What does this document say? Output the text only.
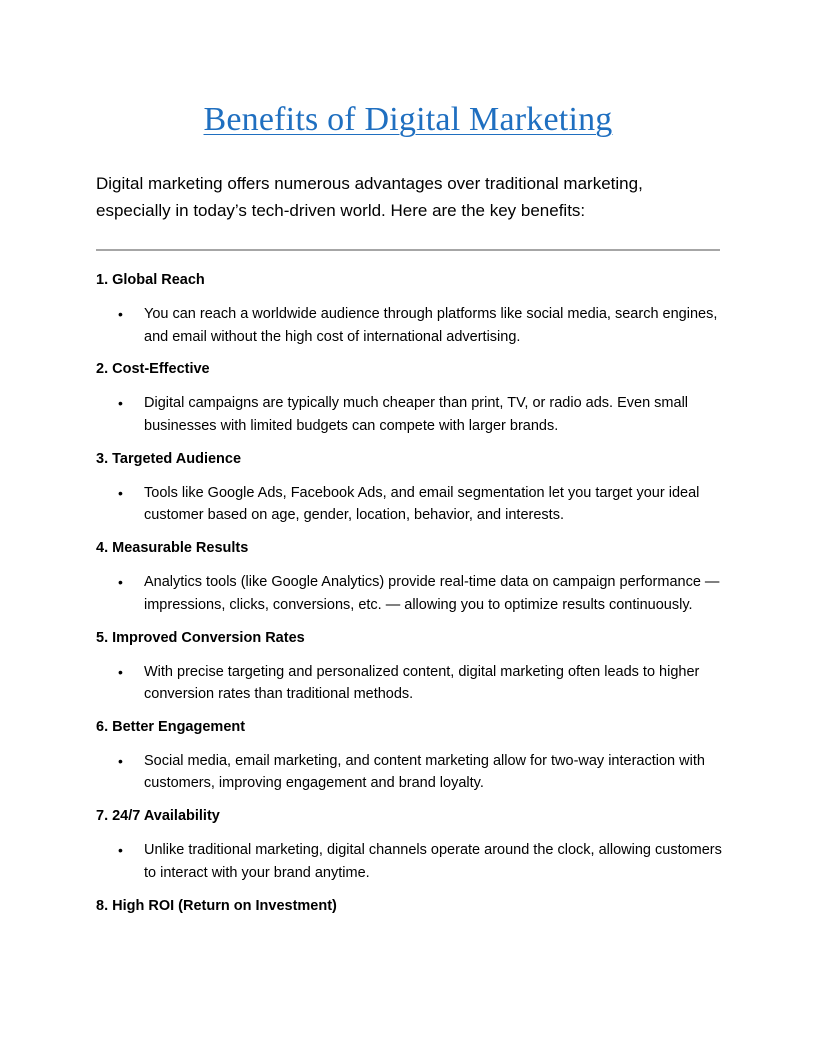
Benefits of Digital Marketing

Digital marketing offers numerous advantages over traditional marketing, especially in today’s tech-driven world. Here are the key benefits:

1. Global Reach
•	You can reach a worldwide audience through platforms like social media, search engines, and email without the high cost of international advertising.
2. Cost-Effective
•	Digital campaigns are typically much cheaper than print, TV, or radio ads. Even small businesses with limited budgets can compete with larger brands.
3. Targeted Audience
•	Tools like Google Ads, Facebook Ads, and email segmentation let you target your ideal customer based on age, gender, location, behavior, and interests.
4. Measurable Results
•	Analytics tools (like Google Analytics) provide real-time data on campaign performance — impressions, clicks, conversions, etc. — allowing you to optimize results continuously.
5. Improved Conversion Rates
•	With precise targeting and personalized content, digital marketing often leads to higher conversion rates than traditional methods.
6. Better Engagement
•	Social media, email marketing, and content marketing allow for two-way interaction with customers, improving engagement and brand loyalty.
7. 24/7 Availability
•	Unlike traditional marketing, digital channels operate around the clock, allowing customers to interact with your brand anytime.
8. High ROI (Return on Investment)
